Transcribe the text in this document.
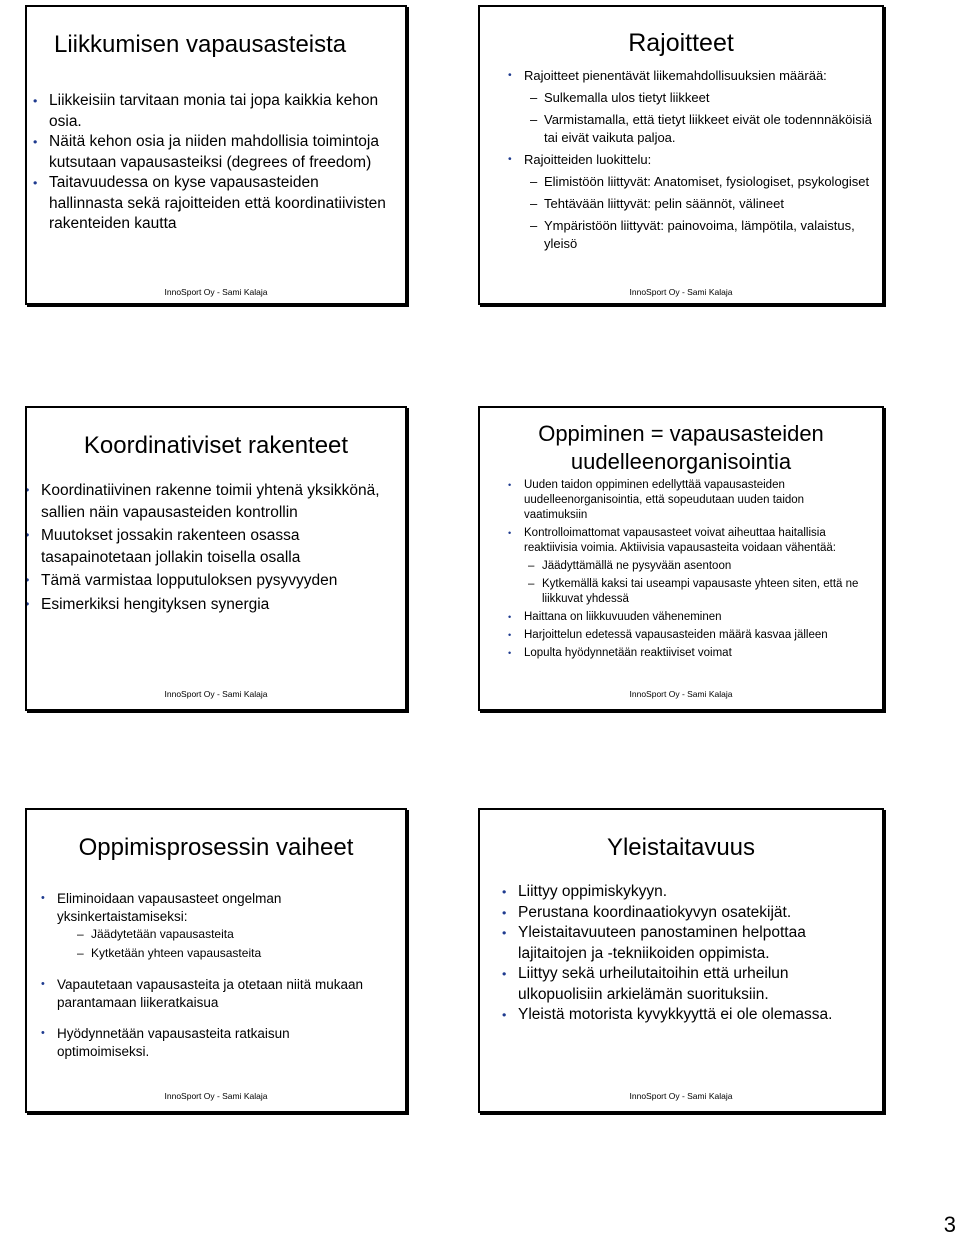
Liikkumisen vapausasteista
• Liikkeisiin tarvitaan monia tai jopa kaikkia kehon osia.
• Näitä kehon osia ja niiden mahdollisia toimintoja kutsutaan vapausasteiksi (degrees of freedom)
• Taitavuudessa on kyse vapausasteiden hallinnasta sekä rajoitteiden että koordinatiivisten rakenteiden kautta
InnoSport Oy - Sami Kalaja
Rajoitteet
• Rajoitteet pienentävät liikemahdollisuuksien määrää:
– Sulkemalla ulos tietyt liikkeet
– Varmistamalla, että tietyt liikkeet eivät ole todennnäköisiä tai eivät vaikuta paljoa.
• Rajoitteiden luokittelu:
– Elimistöön liittyvät: Anatomiset, fysiologiset, psykologiset
– Tehtävään liittyvät: pelin säännöt, välineet
– Ympäristöön liittyvät: painovoima, lämpötila, valaistus, yleisö
InnoSport Oy - Sami Kalaja
Koordinativiset rakenteet
• Koordinatiivinen rakenne toimii yhtenä yksikkönä, sallien näin vapausasteiden kontrollin
• Muutokset jossakin rakenteen osassa tasapainotetaan jollakin toisella osalla
• Tämä varmistaa lopputuloksen pysyvyyden
• Esimerkiksi hengityksen synergia
InnoSport Oy - Sami Kalaja
Oppiminen = vapausasteiden uudelleenorganisointia
• Uuden taidon oppiminen edellyttää vapausasteiden uudelleenorganisointia, että sopeudutaan uuden taidon vaatimuksiin
• Kontrolloimattomat vapausasteet voivat aiheuttaa haitallisia reaktiivisia voimia. Aktiivisia vapausasteita voidaan vähentää:
– Jäädyttämällä ne pysyvään asentoon
– Kytkemällä kaksi tai useampi vapausaste yhteen siten, että ne liikkuvat yhdessä
• Haittana on liikkuvuuden väheneminen
• Harjoittelun edetessä vapausasteiden määrä kasvaa jälleen
• Lopulta hyödynnetään reaktiiviset voimat
InnoSport Oy - Sami Kalaja
Oppimisprosessin vaiheet
• Eliminoidaan vapausasteet ongelman yksinkertaistamiseksi:
– Jäädytetään vapausasteita
– Kytketään yhteen vapausasteita
• Vapautetaan vapausasteita ja otetaan niitä mukaan parantamaan liikeratkaisua
• Hyödynnetään vapausasteita ratkaisun optimoimiseksi.
InnoSport Oy - Sami Kalaja
Yleistaitavuus
• Liittyy oppimiskykyyn.
• Perustana koordinaatiokyvyn osatekijät.
• Yleistaitavuuteen panostaminen helpottaa lajitaitojen ja -tekniikoiden oppimista.
• Liittyy sekä urheilutaitoihin että urheilun ulkopuolisiin arkielämän suorituksiin.
• Yleistä motorista kyvykkyyttä ei ole olemassa.
InnoSport Oy - Sami Kalaja
3
